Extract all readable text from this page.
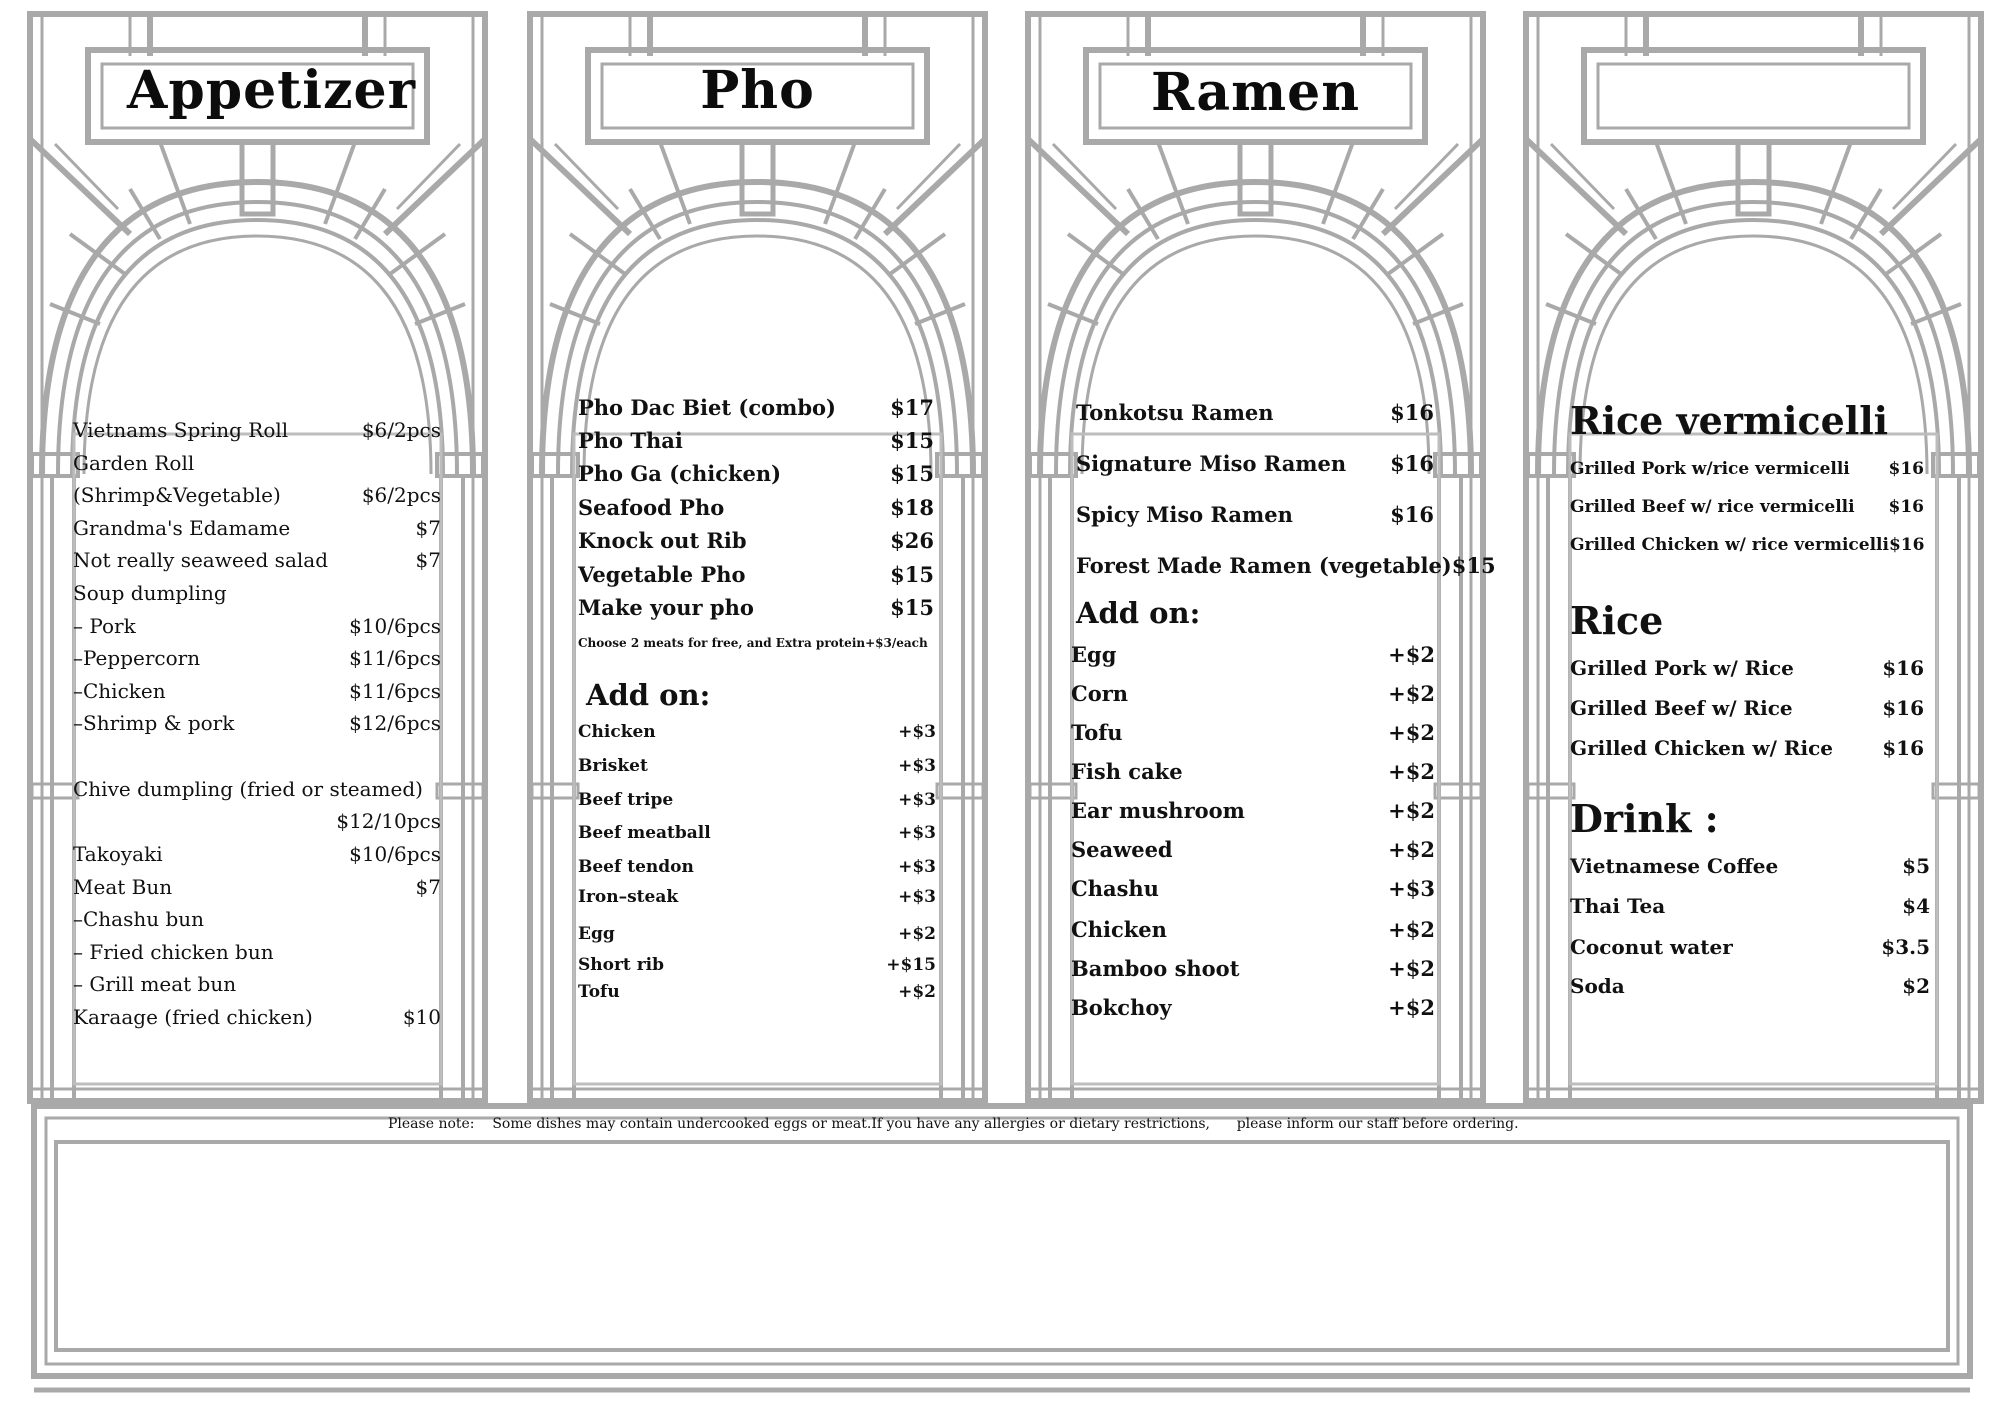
Appetizer
Vietnams Spring Roll	$6/2pcs
Garden Roll
(Shrimp&Vegetable)	$6/2pcs
Grandma's Edamame	$7
Not really seaweed salad	$7
Soup dumpling
– Pork	$10/6pcs
–Peppercorn	$11/6pcs
–Chicken	$11/6pcs
–Shrimp & pork	$12/6pcs
Chive dumpling (fried or steamed)
$12/10pcs
Takoyaki	$10/6pcs
Meat Bun	$7
–Chashu bun
– Fried chicken bun
– Grill meat bun
Karaage (fried chicken)	$10
Pho
Pho Dac Biet (combo)	$17
Pho Thai	$15
Pho Ga (chicken)	$15
Seafood Pho	$18
Knock out Rib	$26
Vegetable Pho	$15
Make your pho	$15
Choose 2 meats for free, and Extra protein+$3/each
Add on:
Chicken	+$3
Brisket	+$3
Beef tripe	+$3
Beef meatball	+$3
Beef tendon	+$3
Iron–steak	+$3
Egg	+$2
Short rib	+$15
Tofu	+$2
Ramen
Tonkotsu Ramen	$16
Signature Miso Ramen $16
Spicy Miso Ramen	$16
Forest Made Ramen (vegetable) $15
Add on:
Egg	+$2
Corn	+$2
Tofu	+$2
Fish cake	+$2
Ear mushroom	+$2
Seaweed	+$2
Chashu	+$3
Chicken	+$2
Bamboo shoot	+$2
Bokchoy	+$2
Rice vermicelli
Grilled Pork w/rice vermicelli $16
Grilled Beef w/ rice vermicelli $16
Grilled Chicken w/ rice vermicelli $16
Rice
Grilled Pork w/ Rice	$16
Grilled Beef w/ Rice	$16
Grilled Chicken w/ Rice $16
Drink :
Vietnamese Coffee	$5
Thai Tea	$4
Coconut water	$3.5
Soda	$2
Please note:    Some dishes may contain undercooked eggs or meat.If you have any allergies or dietary restrictions,      please inform our staff before ordering.
